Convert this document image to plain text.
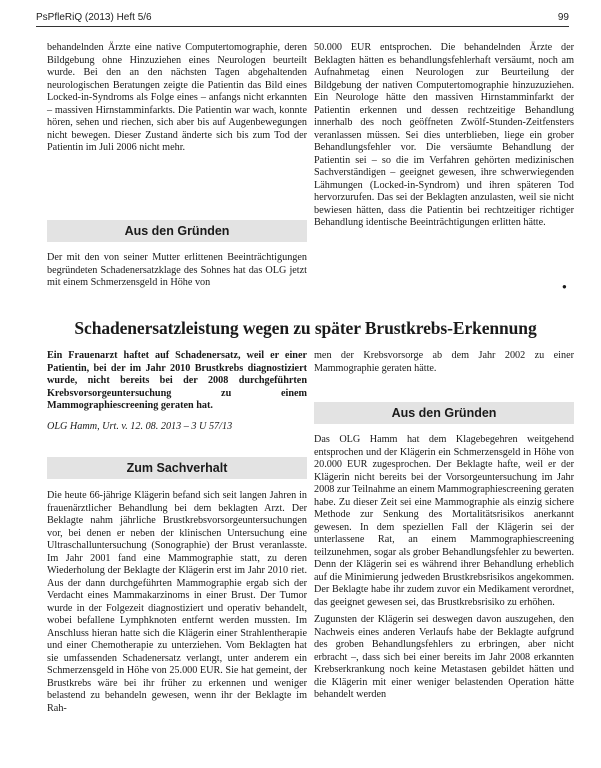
PsPfleRiQ (2013) Heft 5/6	99

behandelnden Ärzte eine native Computertomographie, deren Bildgebung ohne Hinzuziehen eines Neurologen beurteilt wurde. Bei den an den nächsten Tagen abgehaltenden neurologischen Beratungen zeigte die Patientin das Bild eines Locked-in-Syndroms als Folge eines – anfangs nicht erkannten – massiven Hirnstamminfarkts. Die Patientin war wach, konnte hören, sehen und riechen, sich aber bis auf Augenbewegungen nicht bewegen. Dieser Zustand änderte sich bis zum Tod der Patientin im Juli 2006 nicht mehr.

Aus den Gründen

Der mit den von seiner Mutter erlittenen Beeinträchtigungen begründeten Schadenersatzklage des Sohnes hat das OLG jetzt mit einem Schmerzensgeld in Höhe von

50.000 EUR entsprochen. Die behandelnden Ärzte der Beklagten hätten es behandlungsfehlerhaft versäumt, noch am Aufnahmetag einen Neurologen zur Beurteilung der Bildgebung der nativen Computertomographie hinzuzuziehen. Ein Neurologe hätte den massiven Hirnstamminfarkt der Patientin erkennen und dessen rechtzeitige Behandlung innerhalb des noch geöffneten Zwölf-Stunden-Zeitfensters veranlassen müssen. Sei dies unterblieben, liege ein grober Behandlungsfehler vor. Die versäumte Behandlung der Patientin sei – so die im Verfahren gehörten medizinischen Sachverständigen – geeignet gewesen, ihre schwerwiegenden Lähmungen (Locked-in-Syndrom) und ihren späteren Tod hervorzurufen. Das sei der Beklagten anzulasten, weil sie nicht bewiesen hätten, dass die Patientin bei rechtzeitiger richtiger Behandlung identische Beeinträchtigungen erlitten hätte.

●
Schadenersatzleistung wegen zu später Brustkrebs-Erkennung

Ein Frauenarzt haftet auf Schadenersatz, weil er einer Patientin, bei der im Jahr 2010 Brustkrebs diagnostiziert wurde, nicht bereits bei der 2008 durchgeführten Krebsvorsorgeuntersuchung zu einem Mammographiescreening geraten hat.

OLG Hamm, Urt. v. 12. 08. 2013 – 3 U 57/13

Zum Sachverhalt

Die heute 66-jährige Klägerin befand sich seit langen Jahren in frauenärztlicher Behandlung bei dem beklagten Arzt. Der Beklagte nahm jährliche Brustkrebsvorsorgeuntersuchungen vor, bei denen er neben der klinischen Untersuchung eine Ultraschalluntersuchung (Sonographie) der Brust veranlasste. Im Jahr 2001 fand eine Mammographie statt, zu deren Wiederholung der Beklagte der Klägerin erst im Jahr 2010 riet. Aus der dann durchgeführten Mammographie ergab sich der Verdacht eines Mammakarzinoms in einer Brust. Der Tumor wurde in der Folgezeit diagnostiziert und operativ behandelt, wobei befallene Lymphknoten entfernt werden mussten. Im Anschluss hieran hatte sich die Klägerin einer Strahlentherapie und einer Chemotherapie zu unterziehen. Vom Beklagten hat sie umfassenden Schadenersatz verlangt, unter anderem ein Schmerzensgeld in Höhe von 25.000 EUR. Sie hat gemeint, der Brustkrebs wäre bei ihr früher zu erkennen und weniger belastend zu behandeln gewesen, wenn ihr der Beklagte im Rah-

men der Krebsvorsorge ab dem Jahr 2002 zu einer Mammographie geraten hätte.

Aus den Gründen

Das OLG Hamm hat dem Klagebegehren weitgehend entsprochen und der Klägerin ein Schmerzensgeld in Höhe von 20.000 EUR zugesprochen. Der Beklagte hafte, weil er der Klägerin nicht bereits bei der Vorsorgeuntersuchung im Jahr 2008 zur Teilnahme an einem Mammographiescreening geraten habe. Zu dieser Zeit sei eine Mammographie als einzig sichere Methode zur Senkung des Mortalitätsrisikos anerkannt gewesen. In dem speziellen Fall der Klägerin sei der unterlassene Rat, an einem Mammographiescreening teilzunehmen, sogar als grober Behandlungsfehler zu bewerten. Denn der Klägerin sei es während ihrer Behandlung erheblich auf die Minimierung jedweden Brustkrebsrisikos angekommen. Der Beklagte habe ihr zudem zuvor ein Medikament verordnet, das geeignet gewesen sei, das Brustkrebsrisiko zu erhöhen.

Zugunsten der Klägerin sei deswegen davon auszugehen, den Nachweis eines anderen Verlaufs habe der Beklagte aufgrund des groben Behandlungsfehlers zu erbringen, aber nicht erbracht –, dass sich bei einer bereits im Jahr 2008 erkannten Krebserkrankung noch keine Metastasen gebildet hätten und die Klägerin mit einer weniger belastenden Operation hätte behandelt werden
